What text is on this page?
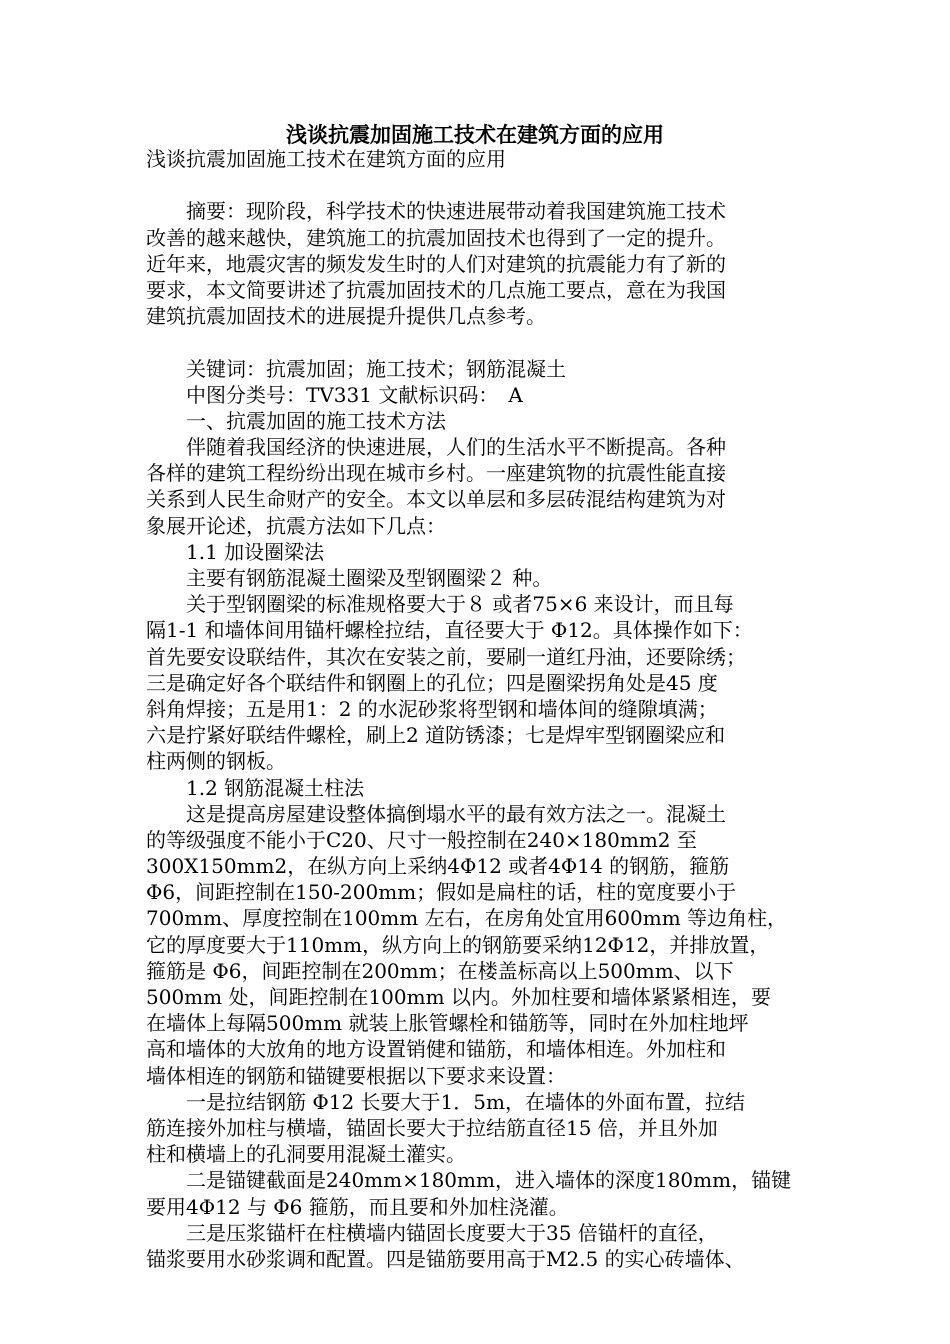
浅谈抗震加固施工技术在建筑方面的应用
浅谈抗震加固施工技术在建筑方面的应用
　　摘要：现阶段，科学技术的快速进展带动着我国建筑施工技术
改善的越来越快，建筑施工的抗震加固技术也得到了一定的提升。
近年来，地震灾害的频发发生时的人们对建筑的抗震能力有了新的
要求，本文简要讲述了抗震加固技术的几点施工要点，意在为我国
建筑抗震加固技术的进展提升提供几点参考。
　　关键词：抗震加固；施工技术；钢筋混凝土
　　中图分类号：TV331 文献标识码：　A
　　一、抗震加固的施工技术方法
　　伴随着我国经济的快速进展，人们的生活水平不断提高。各种
各样的建筑工程纷纷出现在城市乡村。一座建筑物的抗震性能直接
关系到人民生命财产的安全。本文以单层和多层砖混结构建筑为对
象展开论述，抗震方法如下几点：
　　1.1 加设圈梁法
　　主要有钢筋混凝土圈梁及型钢圈梁２ 种。
　　关于型钢圈梁的标准规格要大于８ 或者75×6 来设计，而且每
隔1-1 和墙体间用锚杆螺栓拉结，直径要大于 Φ12。具体操作如下：
首先要安设联结件，其次在安装之前，要刷一道红丹油，还要除绣；
三是确定好各个联结件和钢圈上的孔位；四是圈梁拐角处是45 度
斜角焊接；五是用1：2 的水泥砂浆将型钢和墙体间的缝隙填满；
六是拧紧好联结件螺栓，刷上2 道防锈漆；七是焊牢型钢圈梁应和
柱两侧的钢板。
　　1.2 钢筋混凝土柱法
　　这是提高房屋建设整体搞倒塌水平的最有效方法之一。混凝土
的等级强度不能小于C20、尺寸一般控制在240×180mm2 至
300X150mm2，在纵方向上采纳4Φ12 或者4Φ14 的钢筋，箍筋
Φ6，间距控制在150-200mm；假如是扁柱的话，柱的宽度要小于
700mm、厚度控制在100mm 左右，在房角处宜用600mm 等边角柱，
它的厚度要大于110mm，纵方向上的钢筋要采纳12Φ12，并排放置，
箍筋是 Φ6，间距控制在200mm；在楼盖标高以上500mm、以下
500mm 处，间距控制在100mm 以内。外加柱要和墙体紧紧相连，要
在墙体上每隔500mm 就装上胀管螺栓和锚筋等，同时在外加柱地坪
高和墙体的大放角的地方设置销健和锚筋，和墙体相连。外加柱和
墙体相连的钢筋和锚键要根据以下要求来设置：
　　一是拉结钢筋 Φ12 长要大于1．5m，在墙体的外面布置，拉结
筋连接外加柱与横墙，锚固长要大于拉结筋直径15 倍，并且外加
柱和横墙上的孔洞要用混凝土灌实。
　　二是锚键截面是240mm×180mm，进入墙体的深度180mm，锚键
要用4Φ12 与 Φ6 箍筋，而且要和外加柱浇灌。
　　三是压浆锚杆在柱横墙内锚固长度要大于35 倍锚杆的直径，
锚浆要用水砂浆调和配置。四是锚筋要用高于M2.5 的实心砖墙体、
